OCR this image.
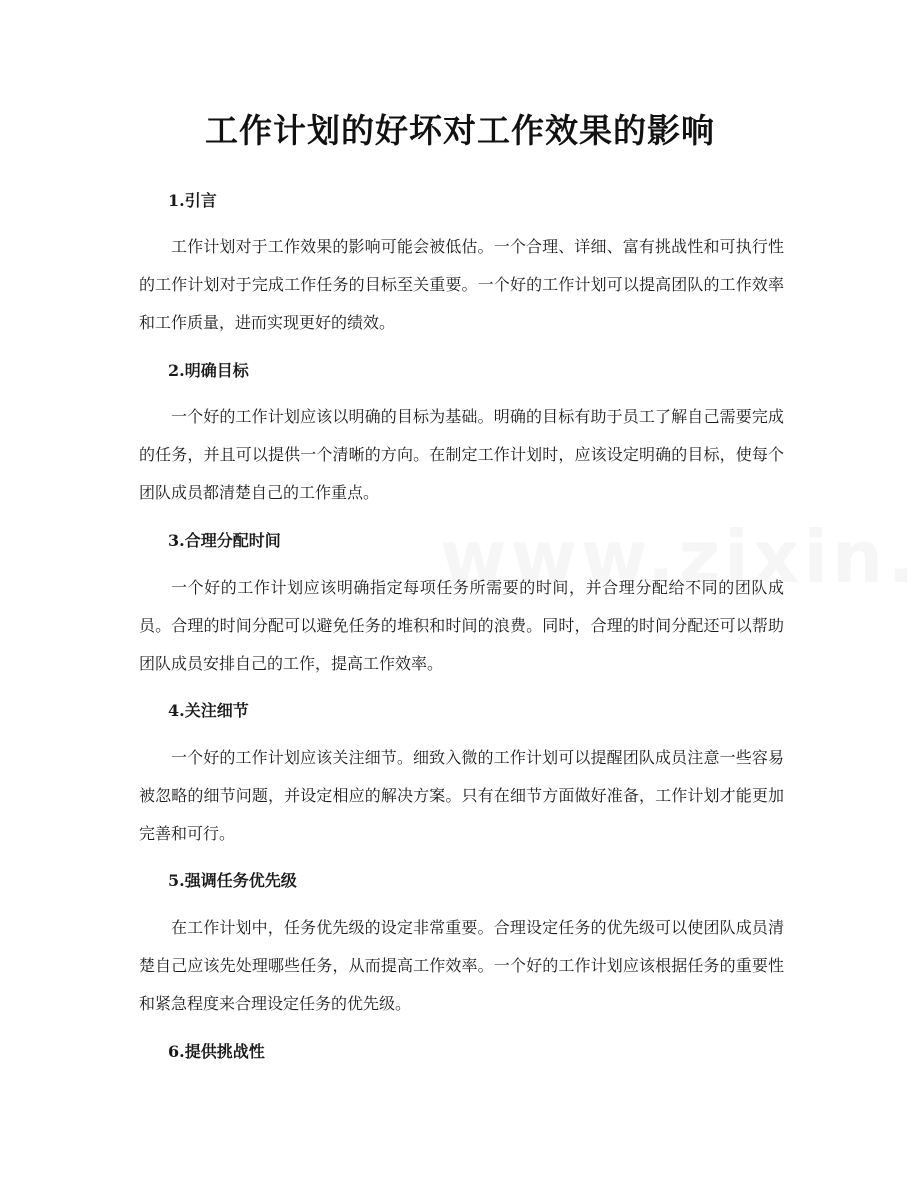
工作计划的好坏对工作效果的影响
1.引言

工作计划对于工作效果的影响可能会被低估。一个合理、详细、富有挑战性和可执行性的工作计划对于完成工作任务的目标至关重要。一个好的工作计划可以提高团队的工作效率和工作质量，进而实现更好的绩效。

2.明确目标

一个好的工作计划应该以明确的目标为基础。明确的目标有助于员工了解自己需要完成的任务，并且可以提供一个清晰的方向。在制定工作计划时，应该设定明确的目标，使每个团队成员都清楚自己的工作重点。

3.合理分配时间

一个好的工作计划应该明确指定每项任务所需要的时间，并合理分配给不同的团队成员。合理的时间分配可以避免任务的堆积和时间的浪费。同时，合理的时间分配还可以帮助团队成员安排自己的工作，提高工作效率。

4.关注细节

一个好的工作计划应该关注细节。细致入微的工作计划可以提醒团队成员注意一些容易被忽略的细节问题，并设定相应的解决方案。只有在细节方面做好准备，工作计划才能更加完善和可行。

5.强调任务优先级

在工作计划中，任务优先级的设定非常重要。合理设定任务的优先级可以使团队成员清楚自己应该先处理哪些任务，从而提高工作效率。一个好的工作计划应该根据任务的重要性和紧急程度来合理设定任务的优先级。

6.提供挑战性
